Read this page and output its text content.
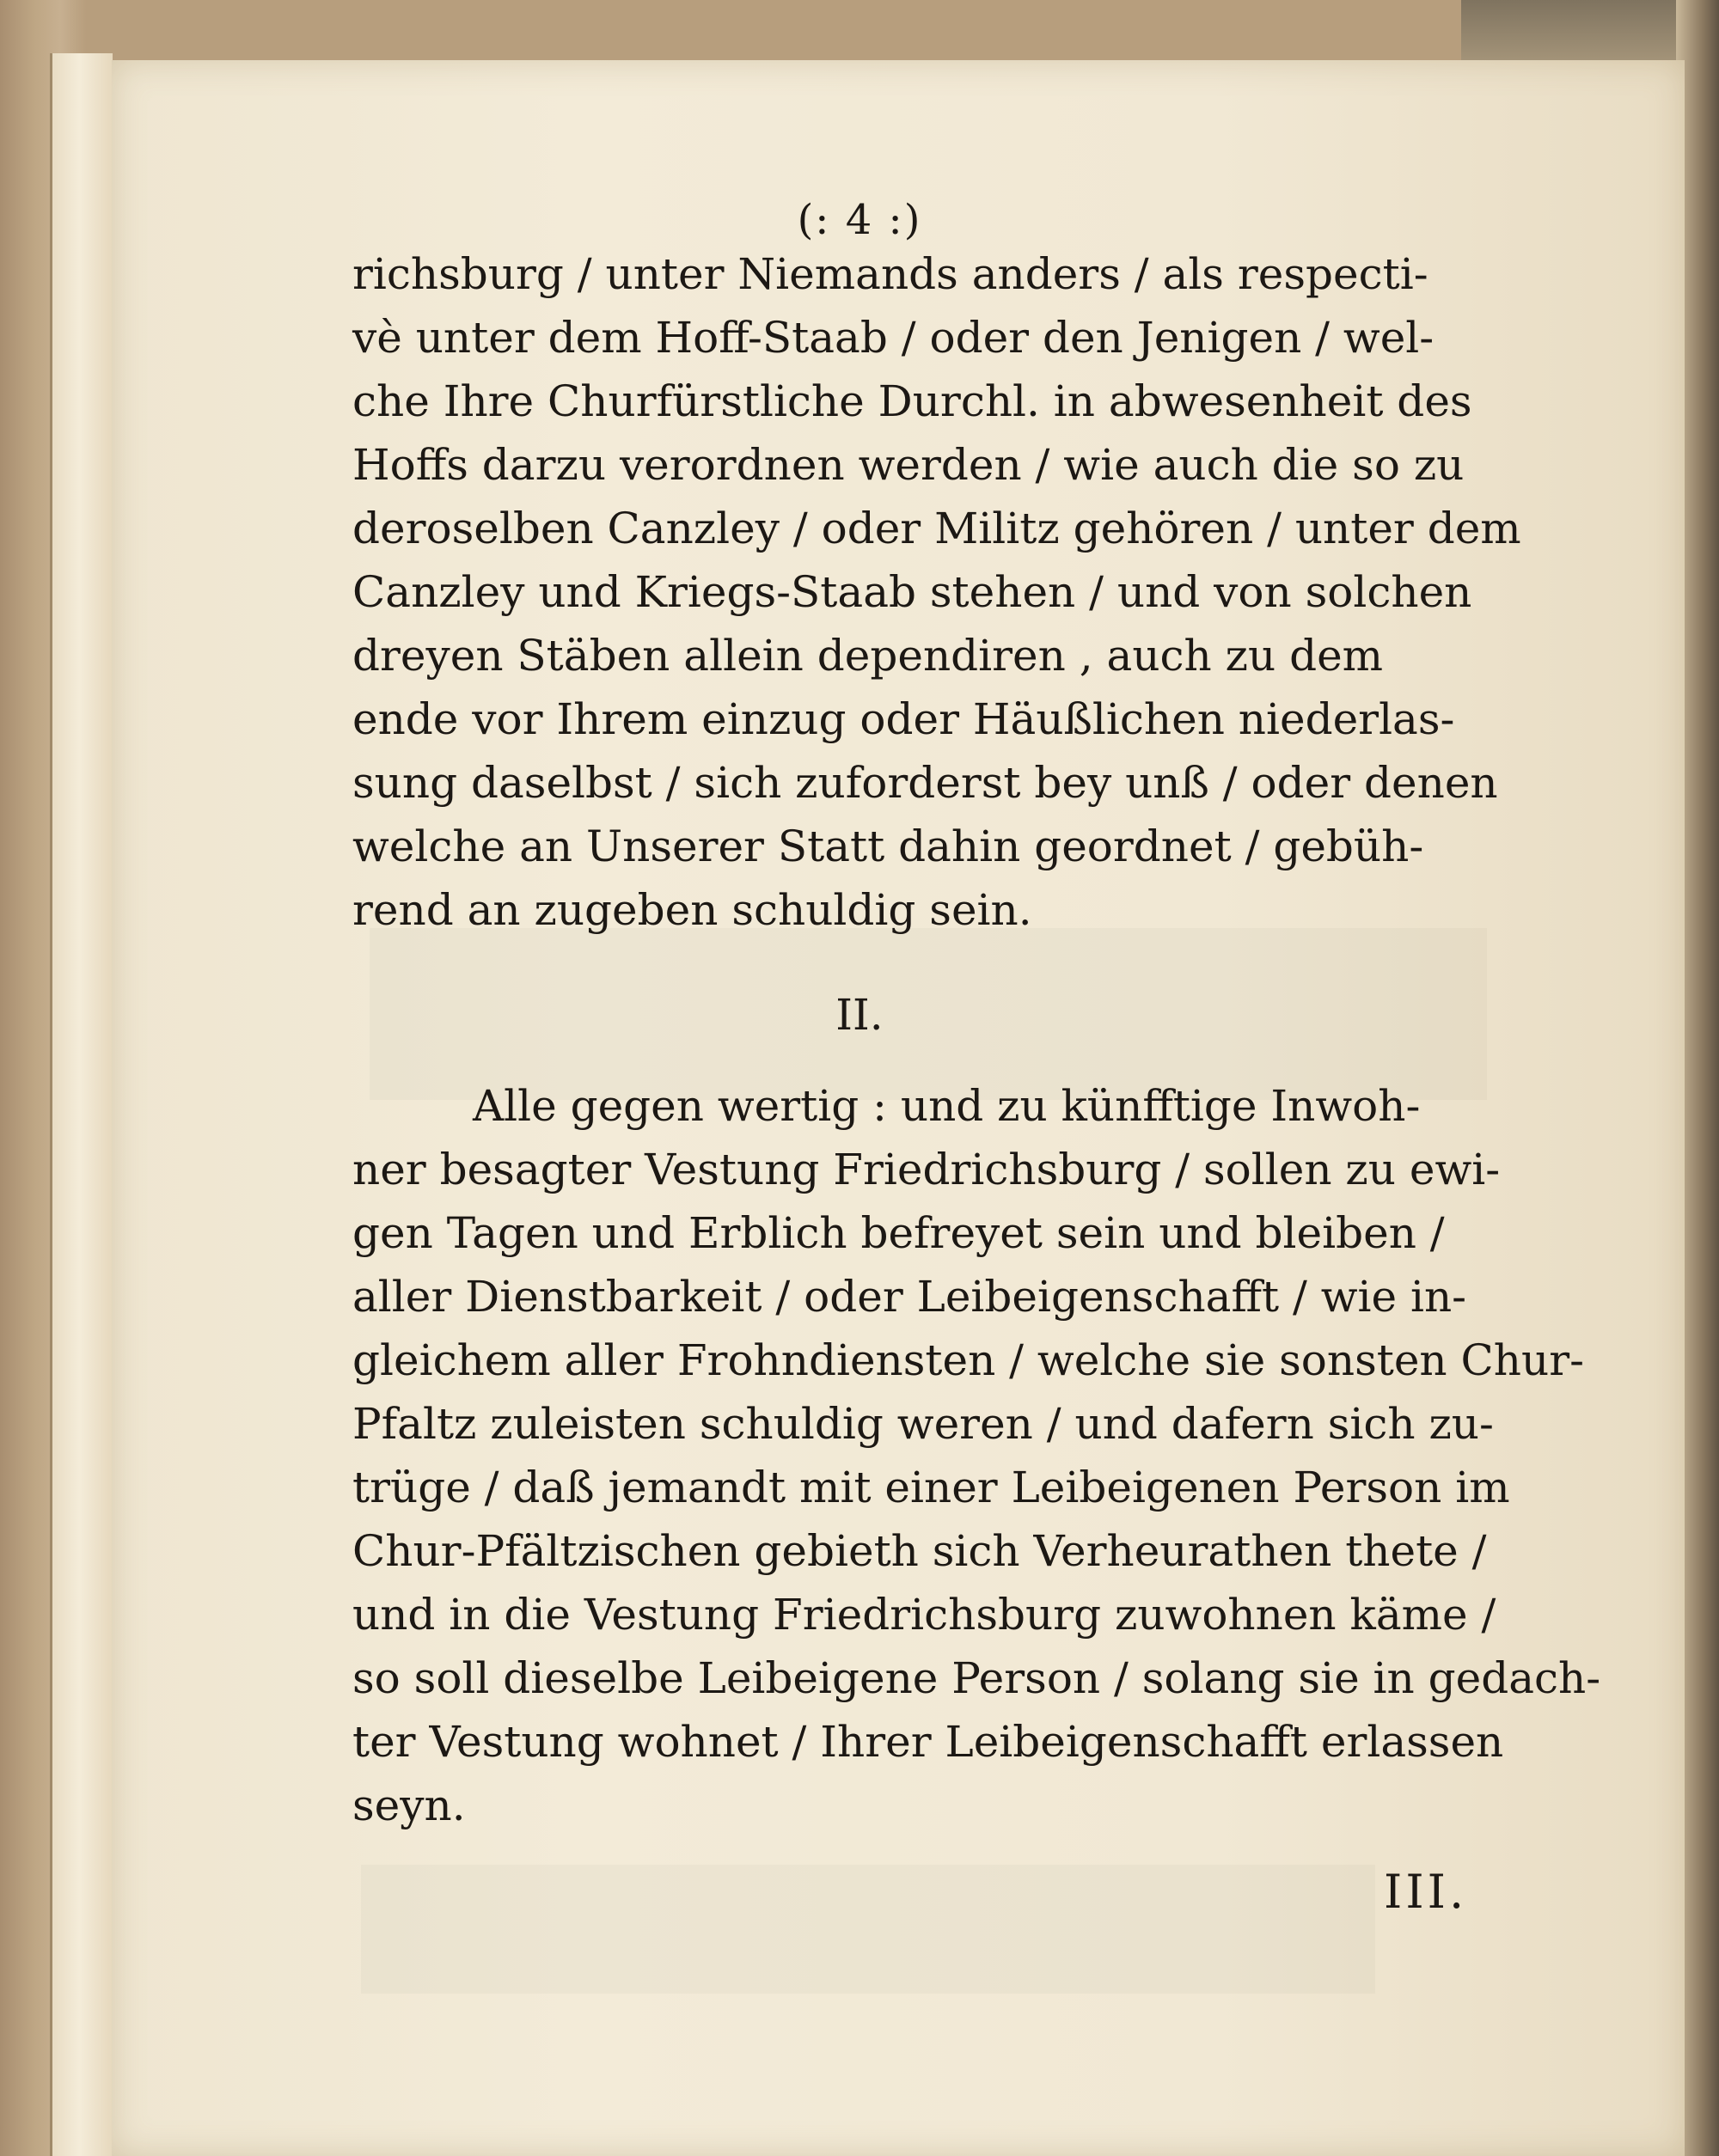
(: 4 :)
richsburg / unter Niemands anders / als respecti-
vè unter dem Hoff-Staab / oder den Jenigen / wel-
che Ihre Churfürstliche Durchl. in abwesenheit des
Hoffs darzu verordnen werden / wie auch die so zu
deroselben Canzley / oder Militz gehören / unter dem
Canzley und Kriegs-Staab stehen / und von solchen
dreyen Stäben allein dependiren , auch zu dem
ende vor Ihrem einzug oder Häußlichen niederlas-
sung daselbst / sich zuforderst bey unß / oder denen
welche an Unserer Statt dahin geordnet / gebüh-
rend an zugeben schuldig sein.
II.
Alle gegen wertig : und zu künfftige Inwoh-
ner besagter Vestung Friedrichsburg / sollen zu ewi-
gen Tagen und Erblich befreyet sein und bleiben /
aller Dienstbarkeit / oder Leibeigenschafft / wie in-
gleichem aller Frohndiensten / welche sie sonsten Chur-
Pfaltz zuleisten schuldig weren / und dafern sich zu-
trüge / daß jemandt mit einer Leibeigenen Person im
Chur-Pfältzischen gebieth sich Verheurathen thete /
und in die Vestung Friedrichsburg zuwohnen käme /
so soll dieselbe Leibeigene Person / solang sie in gedach-
ter Vestung wohnet / Ihrer Leibeigenschafft erlassen
seyn.
III.
